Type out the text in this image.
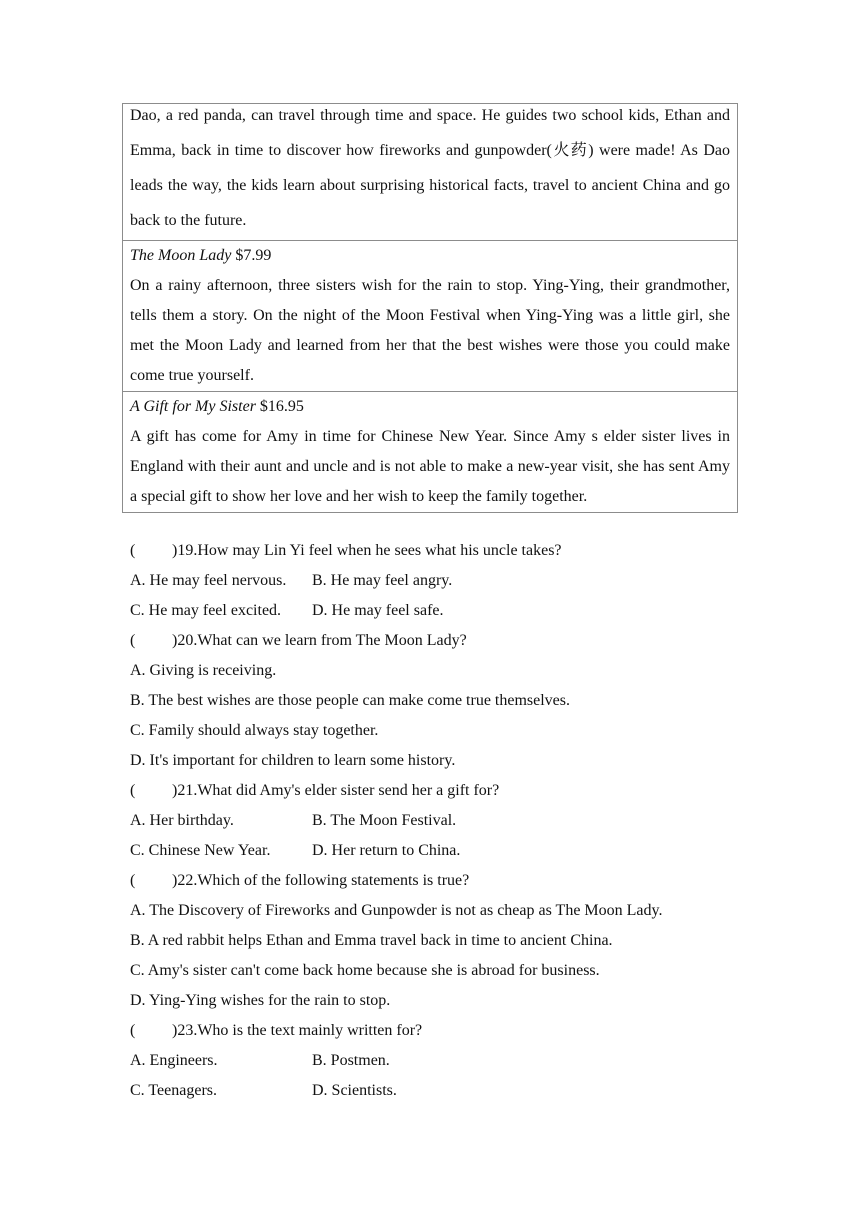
Dao, a red panda, can travel through time and space. He guides two school kids, Ethan and Emma, back in time to discover how fireworks and gunpowder(火药) were made! As Dao leads the way, the kids learn about surprising historical facts, travel to ancient China and go back to the future.

The Moon Lady $7.99

On a rainy afternoon, three sisters wish for the rain to stop. Ying-Ying, their grandmother, tells them a story. On the night of the Moon Festival when Ying-Ying was a little girl, she met the Moon Lady and learned from her that the best wishes were those you could make come true yourself.

A Gift for My Sister $16.95

A gift has come for Amy in time for Chinese New Year. Since Amy s elder sister lives in England with their aunt and uncle and is not able to make a new-year visit, she has sent Amy a special gift to show her love and her wish to keep the family together.

( )19.How may Lin Yi feel when he sees what his uncle takes?
A. He may feel nervous. B. He may feel angry.
C. He may feel excited. D. He may feel safe.
( )20.What can we learn from The Moon Lady?
A. Giving is receiving.
B. The best wishes are those people can make come true themselves.
C. Family should always stay together.
D. It's important for children to learn some history.
( )21.What did Amy's elder sister send her a gift for?
A. Her birthday.	B. The Moon Festival.
C. Chinese New Year.	D. Her return to China.
( )22.Which of the following statements is true?
A. The Discovery of Fireworks and Gunpowder is not as cheap as The Moon Lady.
B. A red rabbit helps Ethan and Emma travel back in time to ancient China.
C. Amy's sister can't come back home because she is abroad for business.
D. Ying-Ying wishes for the rain to stop.
( )23.Who is the text mainly written for?
A. Engineers.	B. Postmen.
C. Teenagers.	D. Scientists.
